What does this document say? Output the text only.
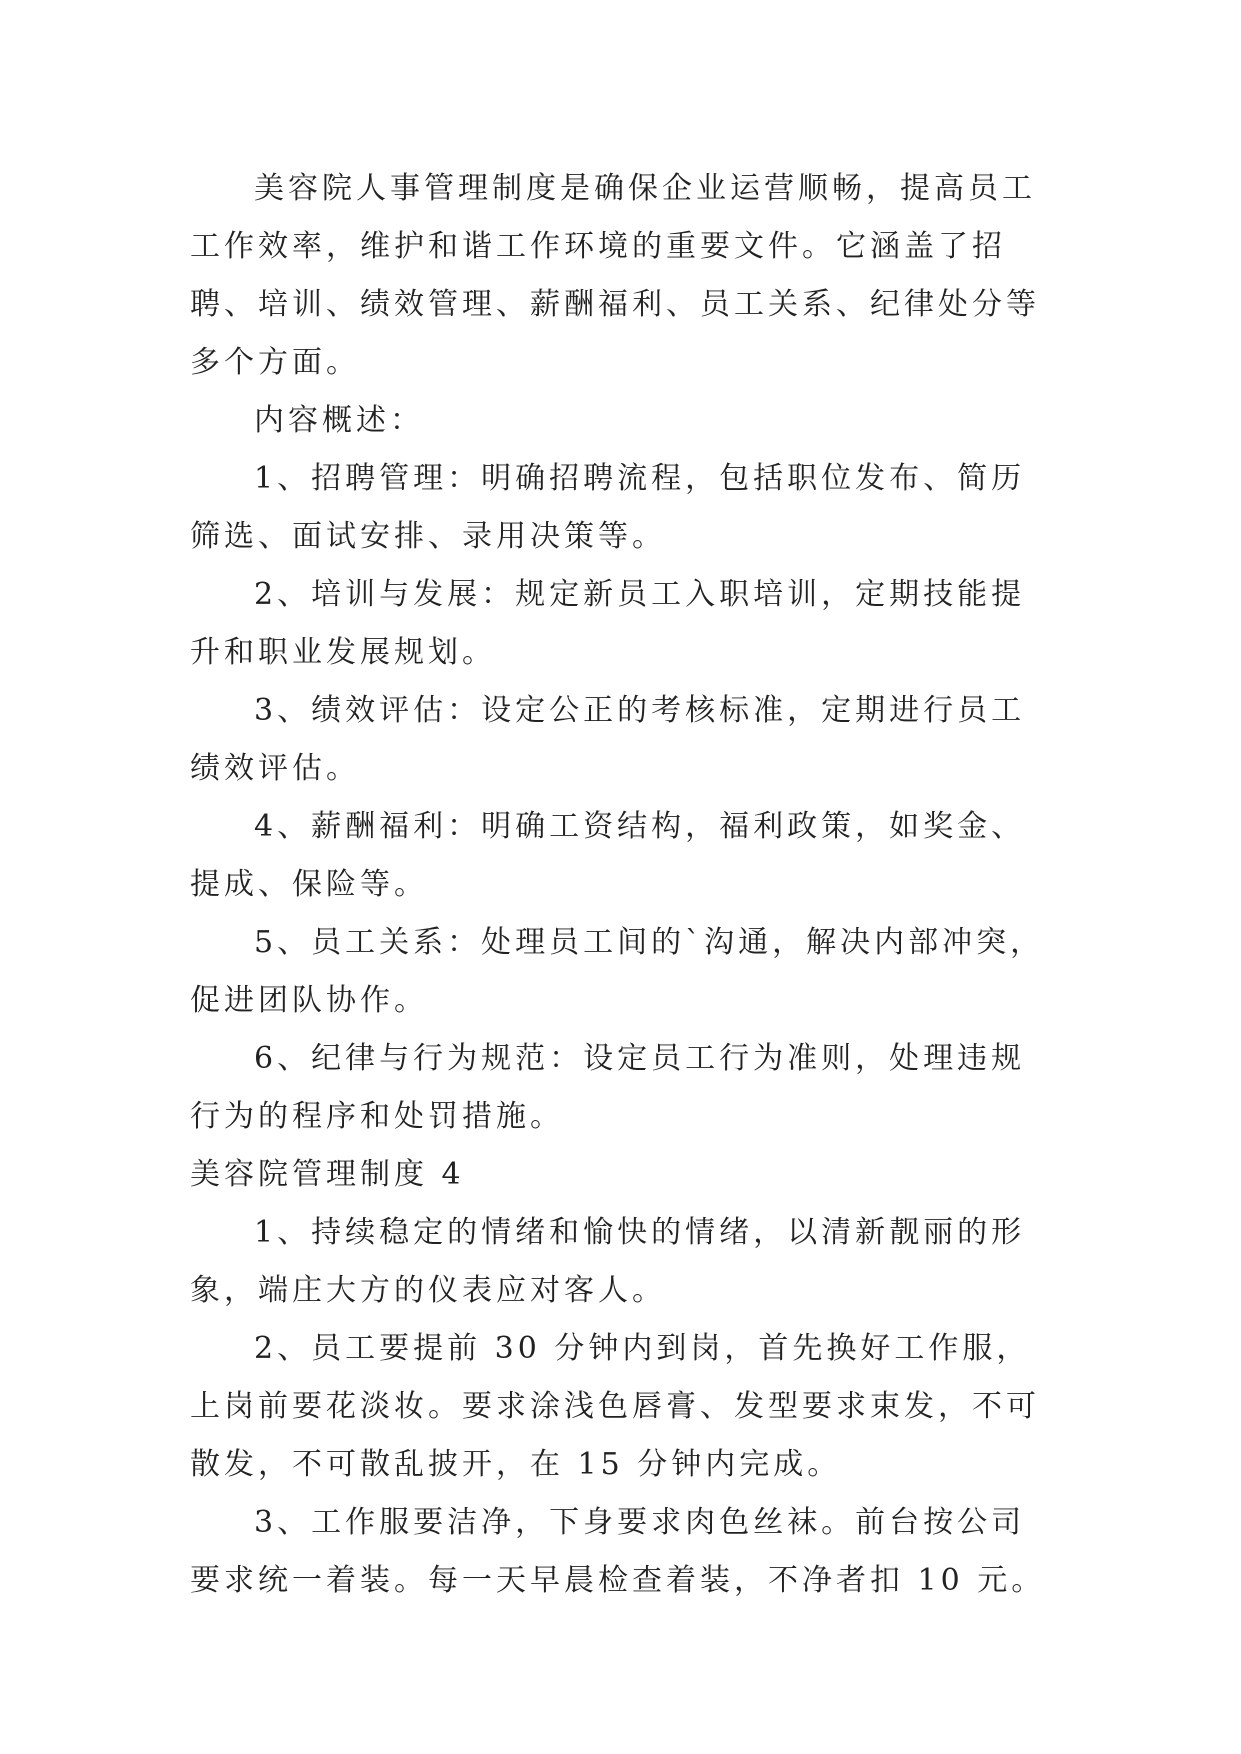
美容院人事管理制度是确保企业运营顺畅，提高员工工作效率，维护和谐工作环境的重要文件。它涵盖了招聘、培训、绩效管理、薪酬福利、员工关系、纪律处分等多个方面。

内容概述：

1、招聘管理：明确招聘流程，包括职位发布、简历筛选、面试安排、录用决策等。

2、培训与发展：规定新员工入职培训，定期技能提升和职业发展规划。

3、绩效评估：设定公正的考核标准，定期进行员工绩效评估。

4、薪酬福利：明确工资结构，福利政策，如奖金、提成、保险等。

5、员工关系：处理员工间的`沟通，解决内部冲突，促进团队协作。

6、纪律与行为规范：设定员工行为准则，处理违规行为的程序和处罚措施。

美容院管理制度 4

1、持续稳定的情绪和愉快的情绪，以清新靓丽的形象，端庄大方的仪表应对客人。

2、员工要提前 30 分钟内到岗，首先换好工作服，上岗前要花淡妆。要求涂浅色唇膏、发型要求束发，不可散发，不可散乱披开，在 15 分钟内完成。

3、工作服要洁净，下身要求肉色丝袜。前台按公司要求统一着装。每一天早晨检查着装，不净者扣 10 元。
